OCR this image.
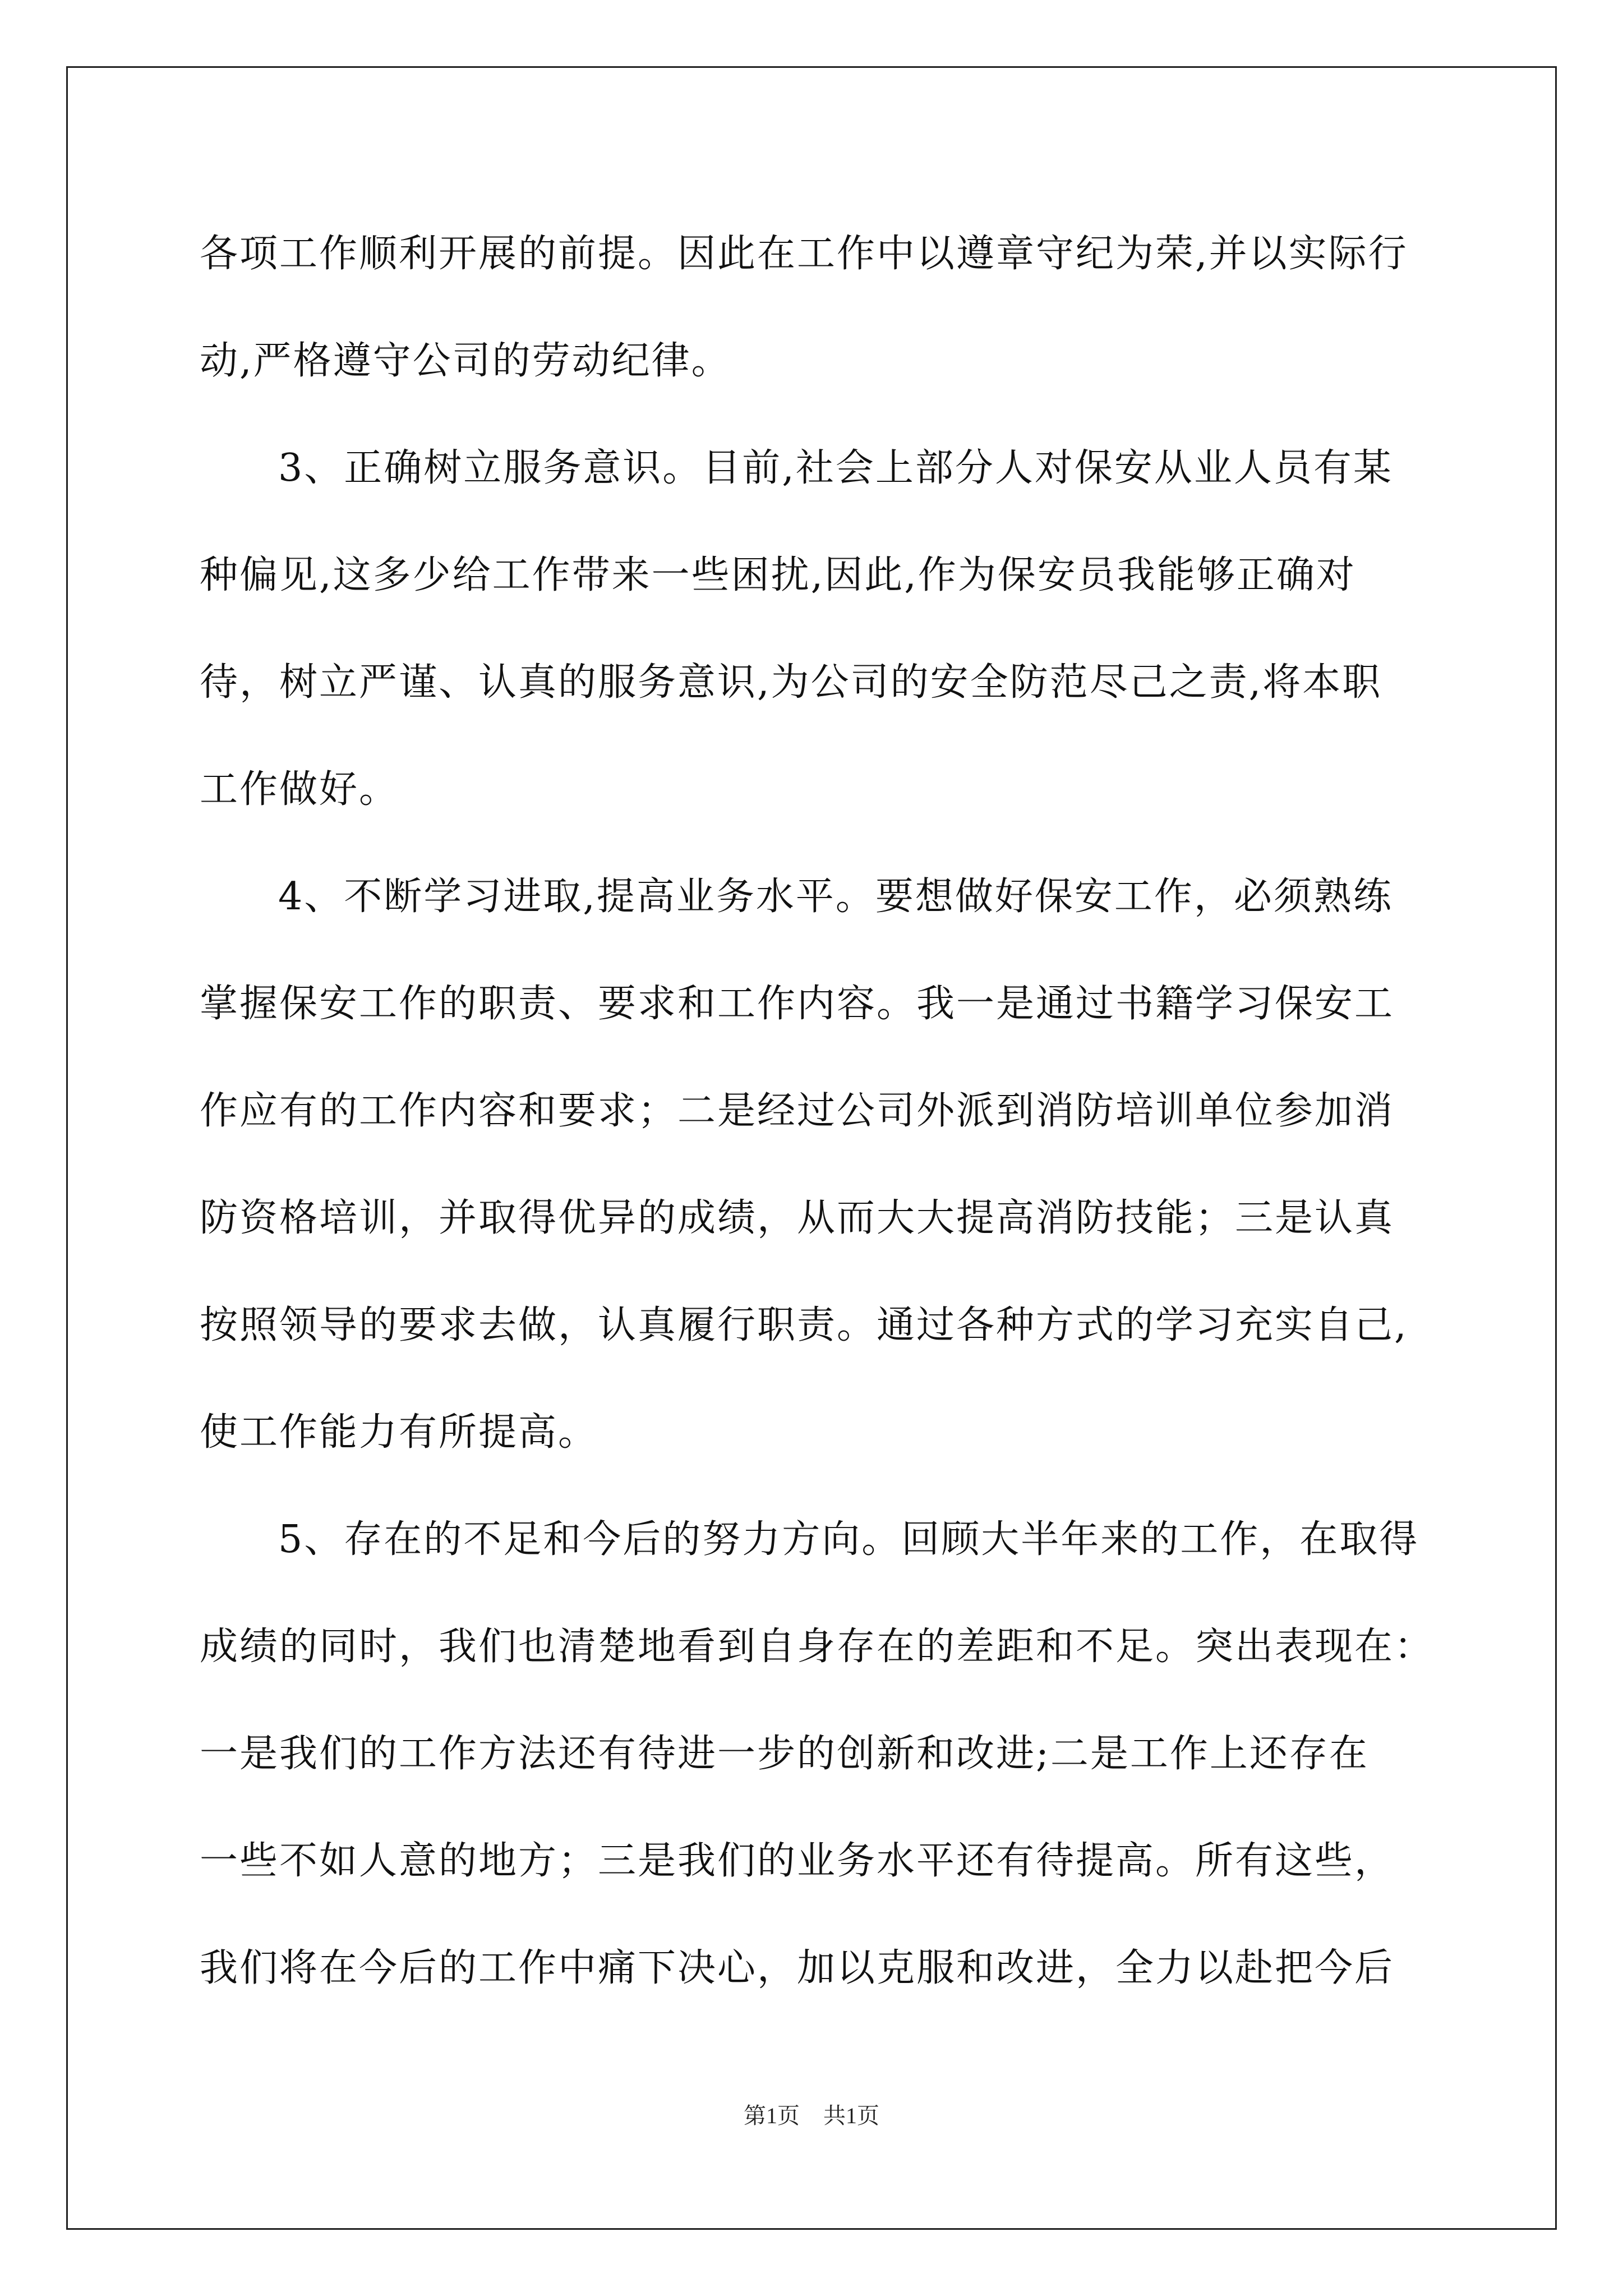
各项工作顺利开展的前提。因此在工作中以遵章守纪为荣,并以实际行
动,严格遵守公司的劳动纪律。
3、正确树立服务意识。目前,社会上部分人对保安从业人员有某
种偏见,这多少给工作带来一些困扰,因此,作为保安员我能够正确对
待，树立严谨、认真的服务意识,为公司的安全防范尽己之责,将本职
工作做好。
4、不断学习进取,提高业务水平。要想做好保安工作，必须熟练
掌握保安工作的职责、要求和工作内容。我一是通过书籍学习保安工
作应有的工作内容和要求；二是经过公司外派到消防培训单位参加消
防资格培训，并取得优异的成绩，从而大大提高消防技能；三是认真
按照领导的要求去做，认真履行职责。通过各种方式的学习充实自己,
使工作能力有所提高。
5、存在的不足和今后的努力方向。回顾大半年来的工作，在取得
成绩的同时，我们也清楚地看到自身存在的差距和不足。突出表现在：
一是我们的工作方法还有待进一步的创新和改进;二是工作上还存在
一些不如人意的地方；三是我们的业务水平还有待提高。所有这些，
我们将在今后的工作中痛下决心，加以克服和改进，全力以赴把今后
第1页 共1页
